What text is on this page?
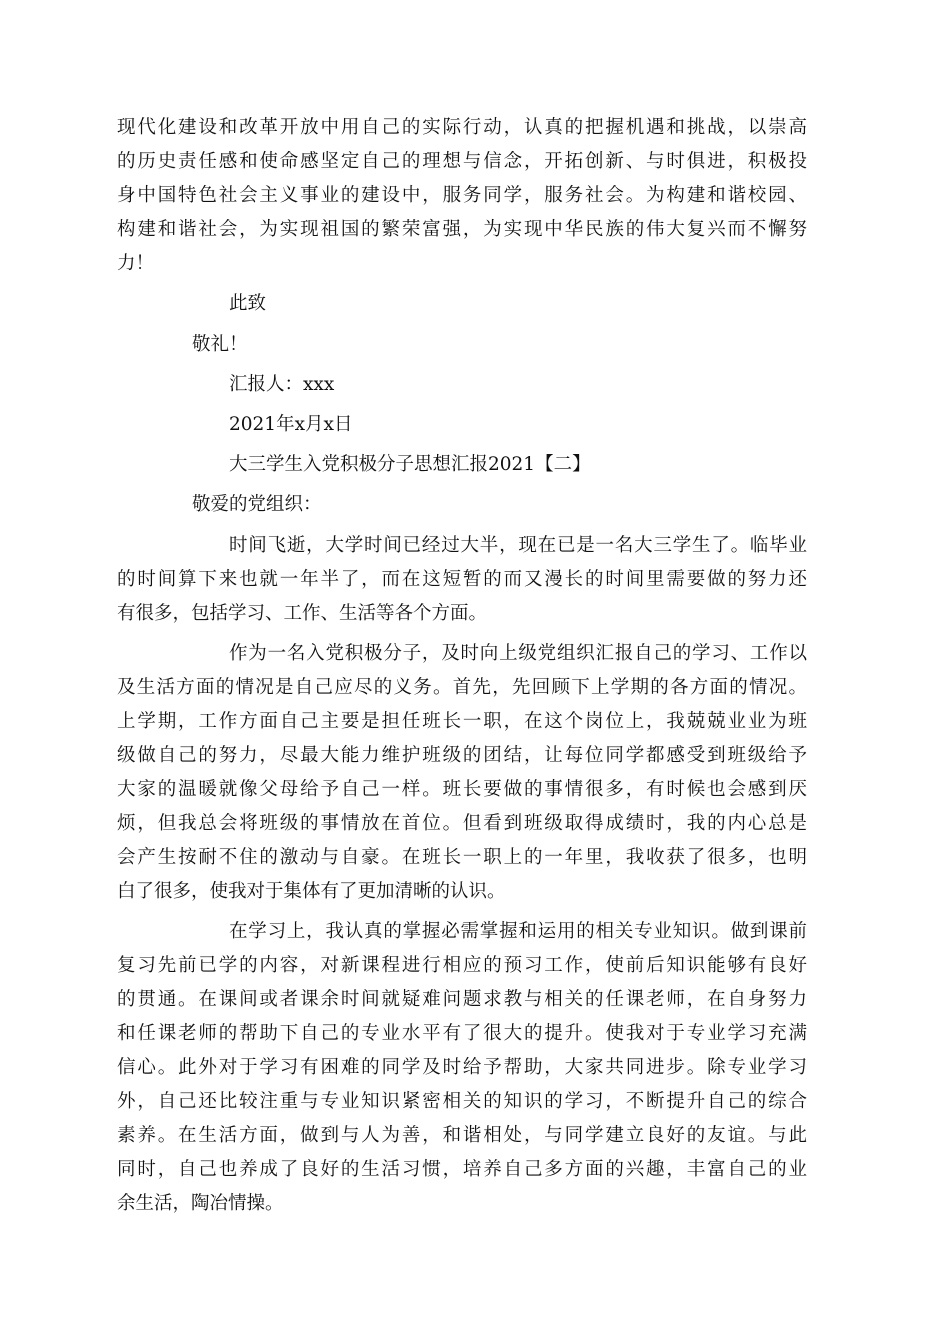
现代化建设和改革开放中用自己的实际行动，认真的把握机遇和挑战，以崇高
的历史责任感和使命感坚定自己的理想与信念，开拓创新、与时俱进，积极投
身中国特色社会主义事业的建设中，服务同学，服务社会。为构建和谐校园、
构建和谐社会，为实现祖国的繁荣富强，为实现中华民族的伟大复兴而不懈努
力！
此致
敬礼！
汇报人：xxx
2021年x月x日
大三学生入党积极分子思想汇报2021【二】
敬爱的党组织：
时间飞逝，大学时间已经过大半，现在已是一名大三学生了。临毕业
的时间算下来也就一年半了，而在这短暂的而又漫长的时间里需要做的努力还
有很多，包括学习、工作、生活等各个方面。
作为一名入党积极分子，及时向上级党组织汇报自己的学习、工作以
及生活方面的情况是自己应尽的义务。首先，先回顾下上学期的各方面的情况。
上学期，工作方面自己主要是担任班长一职，在这个岗位上，我兢兢业业为班
级做自己的努力，尽最大能力维护班级的团结，让每位同学都感受到班级给予
大家的温暖就像父母给予自己一样。班长要做的事情很多，有时候也会感到厌
烦，但我总会将班级的事情放在首位。但看到班级取得成绩时，我的内心总是
会产生按耐不住的激动与自豪。在班长一职上的一年里，我收获了很多，也明
白了很多，使我对于集体有了更加清晰的认识。
在学习上，我认真的掌握必需掌握和运用的相关专业知识。做到课前
复习先前已学的内容，对新课程进行相应的预习工作，使前后知识能够有良好
的贯通。在课间或者课余时间就疑难问题求教与相关的任课老师，在自身努力
和任课老师的帮助下自己的专业水平有了很大的提升。使我对于专业学习充满
信心。此外对于学习有困难的同学及时给予帮助，大家共同进步。除专业学习
外，自己还比较注重与专业知识紧密相关的知识的学习，不断提升自己的综合
素养。在生活方面，做到与人为善，和谐相处，与同学建立良好的友谊。与此
同时，自己也养成了良好的生活习惯，培养自己多方面的兴趣，丰富自己的业
余生活，陶冶情操。
